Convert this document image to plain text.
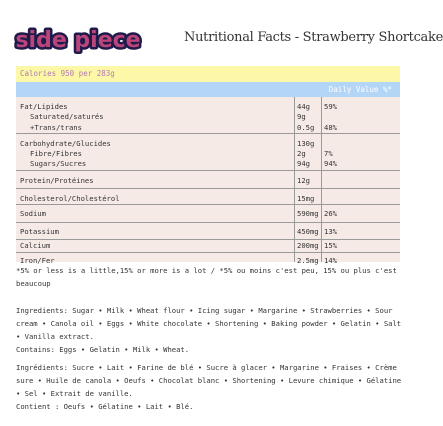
side piece	Nutritional Facts - Strawberry Shortcake
Calories 950 per 283g
Daily Value %*
Fat/Lipides	44g 59%
Saturated/saturés	9g
+Trans/trans	0.5g 48%
Carbohydrate/Glucides	130g
Fibre/Fibres	2g	7%
Sugars/Sucres	94g 94%
Protein/Protéines	12g
Cholesterol/Cholestérol	15mg
Sodium	590mg 26%
Potassium	450mg 13%
Calcium	200mg 15%
Iron/Fer	2.5mg 14%
*5% or less is a little,15% or more is a lot / *5% ou moins c'est peu, 15% ou plus c'est beaucoup
Ingredients: Sugar • Milk • Wheat flour • Icing sugar • Margarine • Strawberries • Sour cream • Canola oil • Eggs • White chocolate • Shortening • Baking powder • Gelatin • Salt • Vanilla extract.
Contains: Eggs • Gelatin • Milk • Wheat.
Ingrédients: Sucre • Lait • Farine de blé • Sucre à glacer • Margarine • Fraises • Crème sure • Huile de canola • Oeufs • Chocolat blanc • Shortening • Levure chimique • Gélatine • Sel • Extrait de vanille.
Contient : Oeufs • Gélatine • Lait • Blé.
